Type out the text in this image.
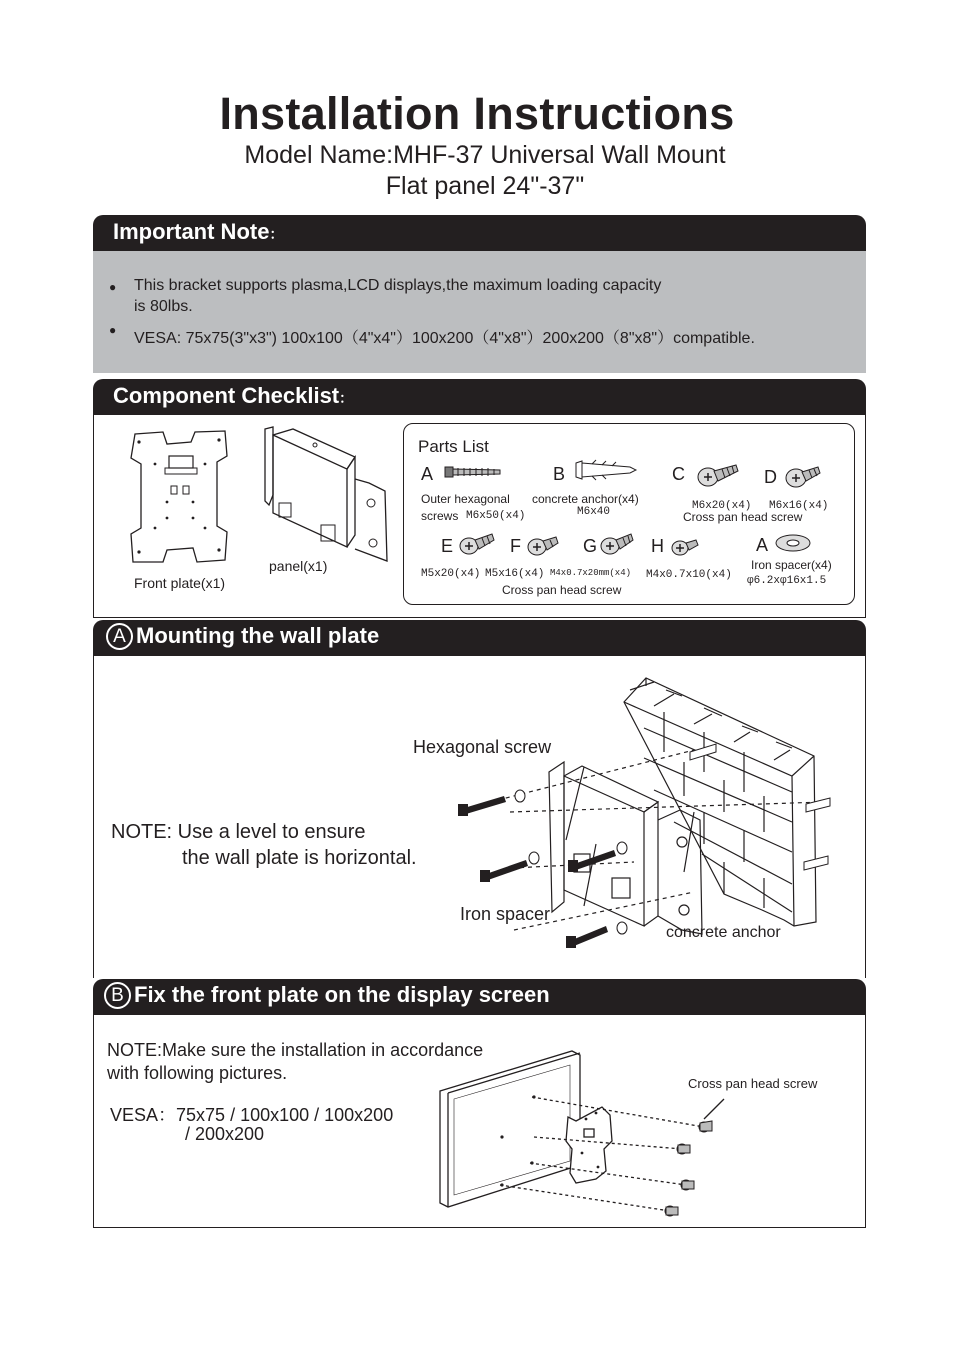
Installation Instructions
Model Name:MHF-37 Universal Wall Mount
Flat panel 24"-37"
Important Note：
● This bracket supports plasma,LCD displays,the maximum loading capacity
is 80lbs.
● VESA: 75x75(3"x3") 100x100（4"x4"）100x200（4"x8"）200x200（8"x8"）compatible.
Component Checklist：
Front plate(x1)
panel(x1)
Parts List
A
Outer hexagonal
screws M6x50(x4)
B
concrete anchor(x4)
M6x40
C
M6x20(x4)
D
M6x16(x4)
Cross pan head screw
E
M5x20(x4)
F
M5x16(x4)
G
M4x0.7x20mm(x4)
H
M4x0.7x10(x4)
A
Iron spacer(x4)
φ6.2xφ16x1.5
Cross pan head screw
A Mounting the wall plate
NOTE: Use a level to ensure
the wall plate is horizontal.
Hexagonal screw
Iron spacer
concrete anchor
B Fix the front plate on the display screen
NOTE:Make sure the installation in accordance
with following pictures.
VESA：75x75 / 100x100 / 100x200
/ 200x200
Cross pan head screw
